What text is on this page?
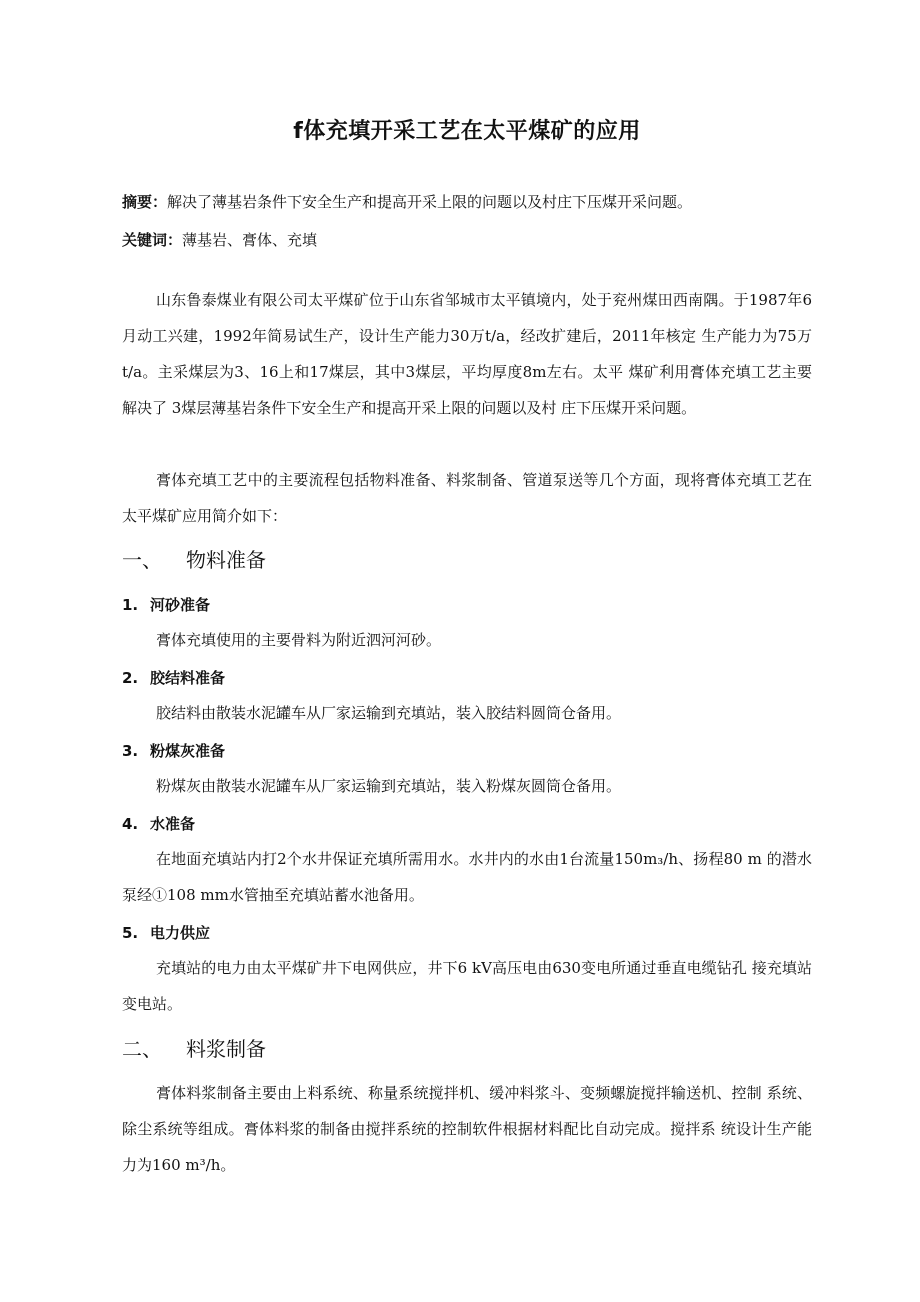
f体充填开采工艺在太平煤矿的应用
摘要：解决了薄基岩条件下安全生产和提高开采上限的问题以及村庄下压煤开采问题。
关键词：薄基岩、膏体、充填
山东鲁泰煤业有限公司太平煤矿位于山东省邹城市太平镇境内，处于兖州煤田西南隅。于1987年6月动工兴建，1992年简易试生产，设计生产能力30万t/a，经改扩建后，2011年核定 生产能力为75万t/a。主采煤层为3、16上和17煤层，其中3煤层，平均厚度8m左右。太平 煤矿利用膏体充填工艺主要解决了 3煤层薄基岩条件下安全生产和提高开采上限的问题以及村 庄下压煤开采问题。
膏体充填工艺中的主要流程包括物料准备、料浆制备、管道泵送等几个方面，现将膏体充填工艺在太平煤矿应用简介如下：
一、 物料准备
1. 河砂准备
膏体充填使用的主要骨料为附近泗河河砂。
2. 胶结料准备
胶结料由散装水泥罐车从厂家运输到充填站，装入胶结料圆筒仓备用。
3. 粉煤灰准备
粉煤灰由散装水泥罐车从厂家运输到充填站，装入粉煤灰圆筒仓备用。
4. 水准备
在地面充填站内打2个水井保证充填所需用水。水井内的水由1台流量150m₃/h、扬程80 m 的潜水泵经①108 mm水管抽至充填站蓄水池备用。
5. 电力供应
充填站的电力由太平煤矿井下电网供应，井下6 kV高压电由630变电所通过垂直电缆钻孔 接充填站变电站。
二、 料浆制备
膏体料浆制备主要由上料系统、称量系统搅拌机、缓冲料浆斗、变频螺旋搅拌输送机、控制 系统、除尘系统等组成。膏体料浆的制备由搅拌系统的控制软件根据材料配比自动完成。搅拌系 统设计生产能力为160 m³/h。
